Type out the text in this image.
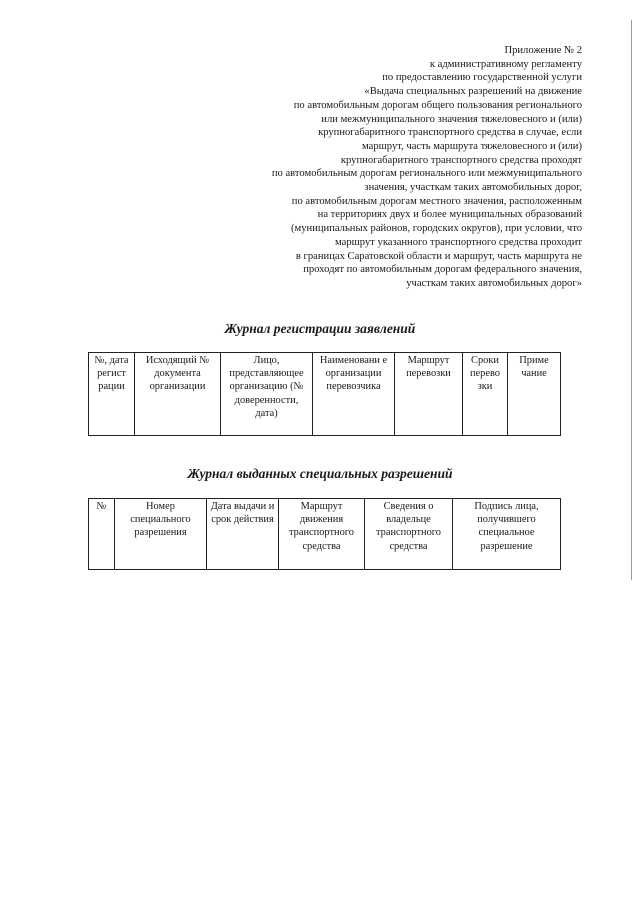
Приложение № 2
к административному регламенту
по предоставлению государственной услуги
«Выдача специальных разрешений на движение
по автомобильным дорогам общего пользования регионального
или межмуниципального значения тяжеловесного и (или)
крупногабаритного транспортного средства в случае, если
маршрут, часть маршрута тяжеловесного и (или)
крупногабаритного транспортного средства проходят
по автомобильным дорогам регионального или межмуниципального
значения, участкам таких автомобильных дорог,
по автомобильным дорогам местного значения, расположенным
на территориях двух и более муниципальных образований
(муниципальных районов, городских округов), при условии, что
маршрут указанного транспортного средства проходит
в границах Саратовской области и маршрут, часть маршрута не
проходят по автомобильным дорогам федерального значения,
участкам таких автомобильных дорог»
Журнал регистрации заявлений
№, дата регист рации	Исходящий № документа организации	Лицо, представляющее организацию (№ доверенности, дата)	Наименовани е организации перевозчика	Маршрут перевозки	Сроки перево зки	Приме чание
Журнал выданных специальных разрешений
№	Номер специального разрешения	Дата выдачи и срок действия	Маршрут движения транспортного средства	Сведения о владельце транспортного средства	Подпись лица, получившего специальное разрешение
